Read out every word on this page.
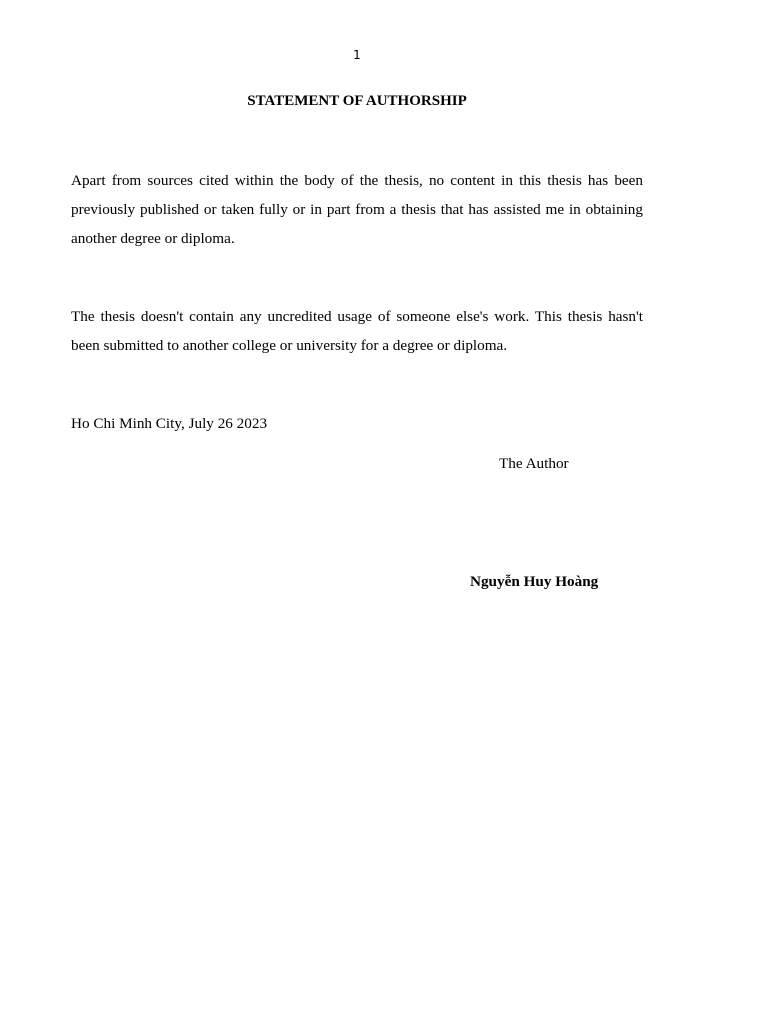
1
STATEMENT OF AUTHORSHIP

Apart from sources cited within the body of the thesis, no content in this thesis has been previously published or taken fully or in part from a thesis that has assisted me in obtaining another degree or diploma.

The thesis doesn't contain any uncredited usage of someone else's work. This thesis hasn't been submitted to another college or university for a degree or diploma.

Ho Chi Minh City, July 26 2023
The Author
Nguyễn Huy Hoàng
